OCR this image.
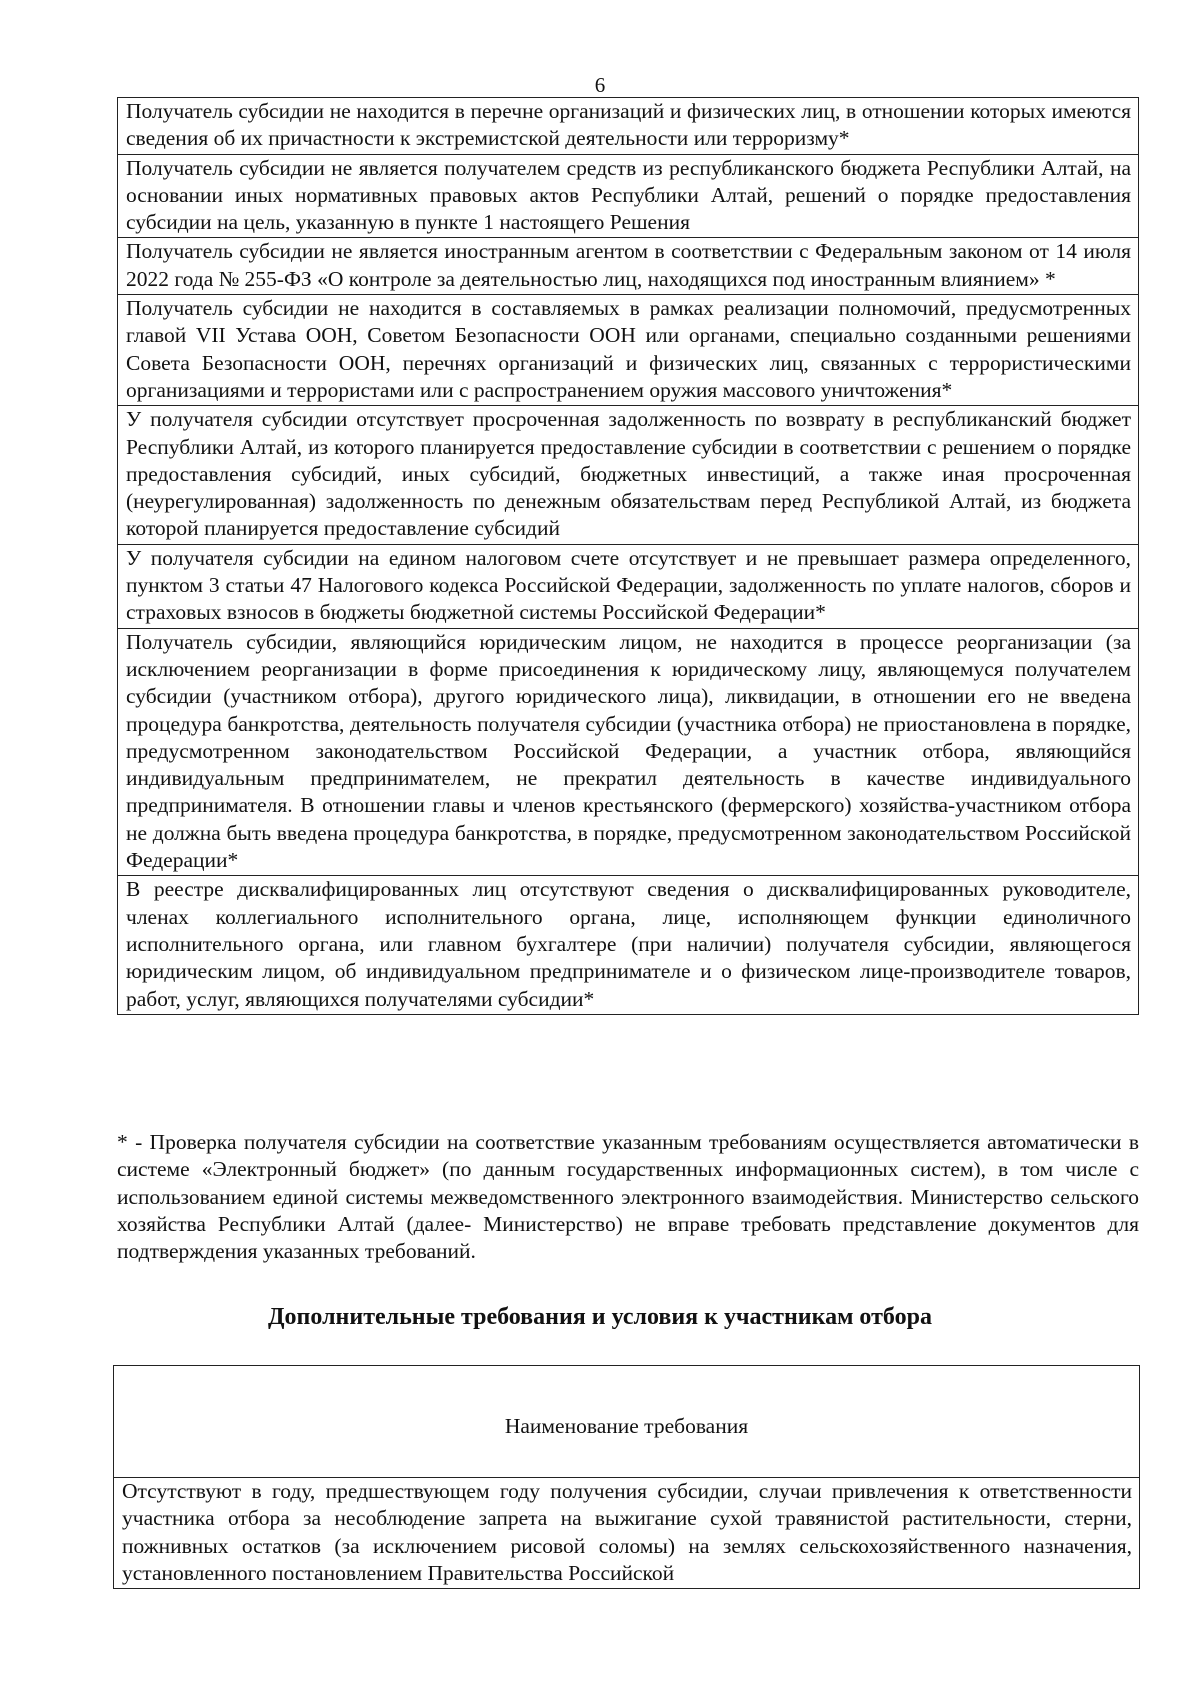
6
Получатель субсидии не находится в перечне организаций и физических лиц, в отношении которых имеются сведения об их причастности к экстремистской деятельности или терроризму*
Получатель субсидии не является получателем средств из республиканского бюджета Республики Алтай, на основании иных нормативных правовых актов Республики Алтай, решений о порядке предоставления субсидии на цель, указанную в пункте 1 настоящего Решения
Получатель субсидии не является иностранным агентом в соответствии с Федеральным законом от 14 июля 2022 года № 255-ФЗ «О контроле за деятельностью лиц, находящихся под иностранным влиянием» *
Получатель субсидии не находится в составляемых в рамках реализации полномочий, предусмотренных главой VII Устава ООН, Советом Безопасности ООН или органами, специально созданными решениями Совета Безопасности ООН, перечнях организаций и физических лиц, связанных с террористическими организациями и террористами или с распространением оружия массового уничтожения*
У получателя субсидии отсутствует просроченная задолженность по возврату в республиканский бюджет Республики Алтай, из которого планируется предоставление субсидии в соответствии с решением о порядке предоставления субсидий, иных субсидий, бюджетных инвестиций, а также иная просроченная (неурегулированная) задолженность по денежным обязательствам перед Республикой Алтай, из бюджета которой планируется предоставление субсидий
У получателя субсидии на едином налоговом счете отсутствует и не превышает размера определенного, пунктом 3 статьи 47 Налогового кодекса Российской Федерации, задолженность по уплате налогов, сборов и страховых взносов в бюджеты бюджетной системы Российской Федерации*
Получатель субсидии, являющийся юридическим лицом, не находится в процессе реорганизации (за исключением реорганизации в форме присоединения к юридическому лицу, являющемуся получателем субсидии (участником отбора), другого юридического лица), ликвидации, в отношении его не введена процедура банкротства, деятельность получателя субсидии (участника отбора) не приостановлена в порядке, предусмотренном законодательством Российской Федерации, а участник отбора, являющийся индивидуальным предпринимателем, не прекратил деятельность в качестве индивидуального предпринимателя. В отношении главы и членов крестьянского (фермерского) хозяйства-участником отбора не должна быть введена процедура банкротства, в порядке, предусмотренном законодательством Российской Федерации*
В реестре дисквалифицированных лиц отсутствуют сведения о дисквалифицированных руководителе, членах коллегиального исполнительного органа, лице, исполняющем функции единоличного исполнительного органа, или главном бухгалтере (при наличии) получателя субсидии, являющегося юридическим лицом, об индивидуальном предпринимателе и о физическом лице-производителе товаров, работ, услуг, являющихся получателями субсидии*

* - Проверка получателя субсидии на соответствие указанным требованиям осуществляется автоматически в системе «Электронный бюджет» (по данным государственных информационных систем), в том числе с использованием единой системы межведомственного электронного взаимодействия. Министерство сельского хозяйства Республики Алтай (далее- Министерство) не вправе требовать представление документов для подтверждения указанных требований.

Дополнительные требования и условия к участникам отбора
Наименование требования
Отсутствуют в году, предшествующем году получения субсидии, случаи привлечения к ответственности участника отбора за несоблюдение запрета на выжигание сухой травянистой растительности, стерни, пожнивных остатков (за исключением рисовой соломы) на землях сельскохозяйственного назначения, установленного постановлением Правительства Российской
